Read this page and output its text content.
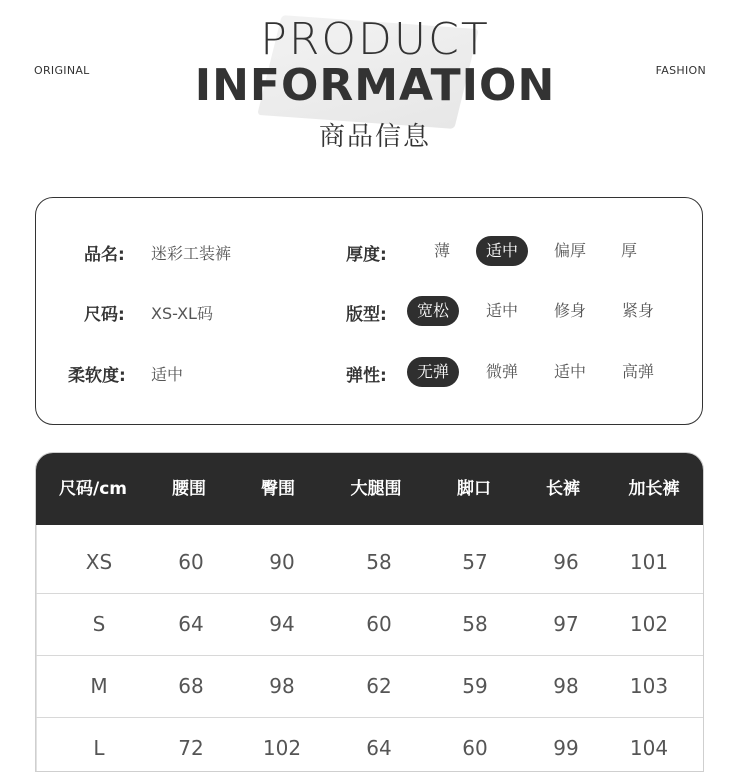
ORIGINAL	FASHION
PRODUCT
INFORMATION
商品信息
品名: 迷彩工装裤	厚度:	薄	适中	偏厚	厚
尺码: XS-XL码	版型:	宽松	适中	修身	紧身
柔软度: 适中	弹性:	无弹	微弹	适中	高弹
尺码/cm	腰围	臀围	大腿围	脚口	长裤	加长裤
XS	60	90	58	57	96	101
S	64	94	60	58	97	102
M	68	98	62	59	98	103
L	72	102	64	60	99	104
